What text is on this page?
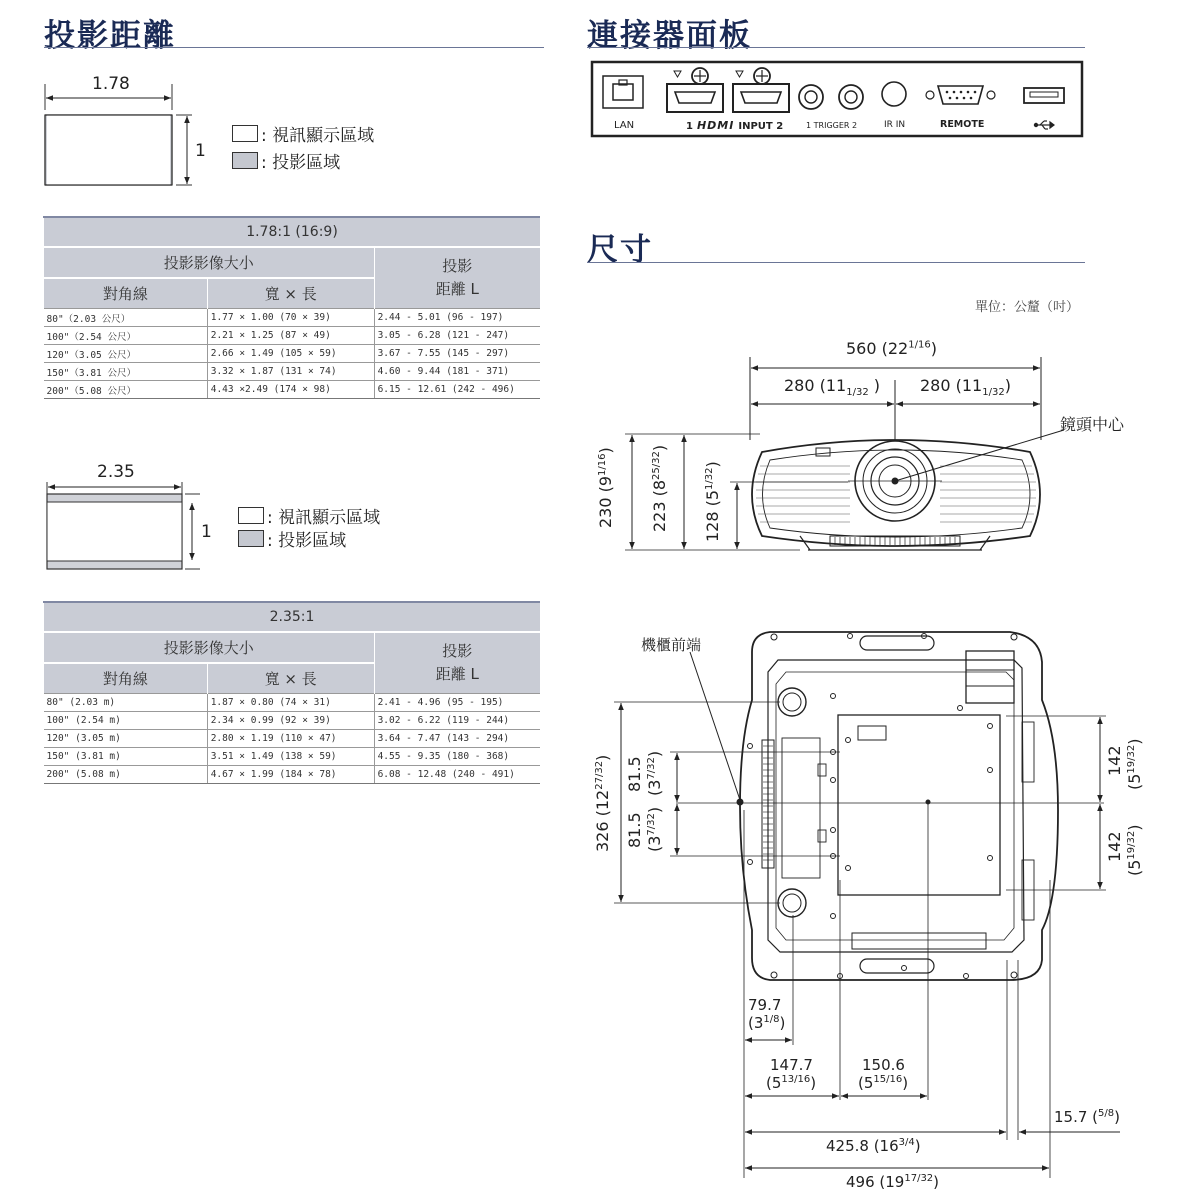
投影距離	連接器面板
尺寸
230 $(9^{1/16})$
223 $(8^{25/32})$
128 $(5^{1/32})$
326 $(12^{27/32})$ 81.5 $(3^{7/32})$
81.5 $(3^{7/32})$
142
$(5^{19/32})$
142
$(5^{19/32})$
1.78
1
: 視訊顯示區域
: 投影區域
2.35
1
: 視訊顯示區域
: 投影區域
1.78:1 (16:9)		
投影影像大小		投影
距離 L
對角線	寬 × 長	
80"（2.03 公尺）	1.77 × 1.00 (70 × 39)	2.44 - 5.01 (96 - 197)
100"（2.54 公尺）	2.21 × 1.25 (87 × 49)	3.05 - 6.28 (121 - 247)
120"（3.05 公尺）	2.66 × 1.49 (105 × 59)	3.67 - 7.55 (145 - 297)
150"（3.81 公尺）	3.32 × 1.87 (131 × 74)	4.60 - 9.44 (181 - 371)
200"（5.08 公尺）	4.43 ×2.49 (174 × 98)	6.15 - 12.61 (242 - 496)
2.35:1		
投影影像大小		投影
距離 L
對角線	寬 × 長	
80" (2.03 m)	1.87 × 0.80 (74 × 31)	2.41 - 4.96 (95 - 195)
100" (2.54 m)	2.34 × 0.99 (92 × 39)	3.02 - 6.22 (119 - 244)
120" (3.05 m)	2.80 × 1.19 (110 × 47)	3.64 - 7.47 (143 - 294)
150" (3.81 m)	3.51 × 1.49 (138 × 59)	4.55 - 9.35 (180 - 368)
200" (5.08 m)	4.67 × 1.99 (184 × 78)	6.08 - 12.48 (240 - 491)
LAN	1 HDMI INPUT 2	1 TRIGGER 2	IR IN	REMOTE
單位：公釐（吋）
560 $(22^{1/16})$
280 ($11_{1/32}$ ) 280 $(11_{1/32})$
鏡頭中心
機櫃前端
79.7
$(3^{1/8})$
147.7
$(5^{13/16})$
150.6
$(5^{15/16})$
15.7 ($^{5/8}$)
425.8 $(16^{3/4})$
496 $(19^{17/32})$
